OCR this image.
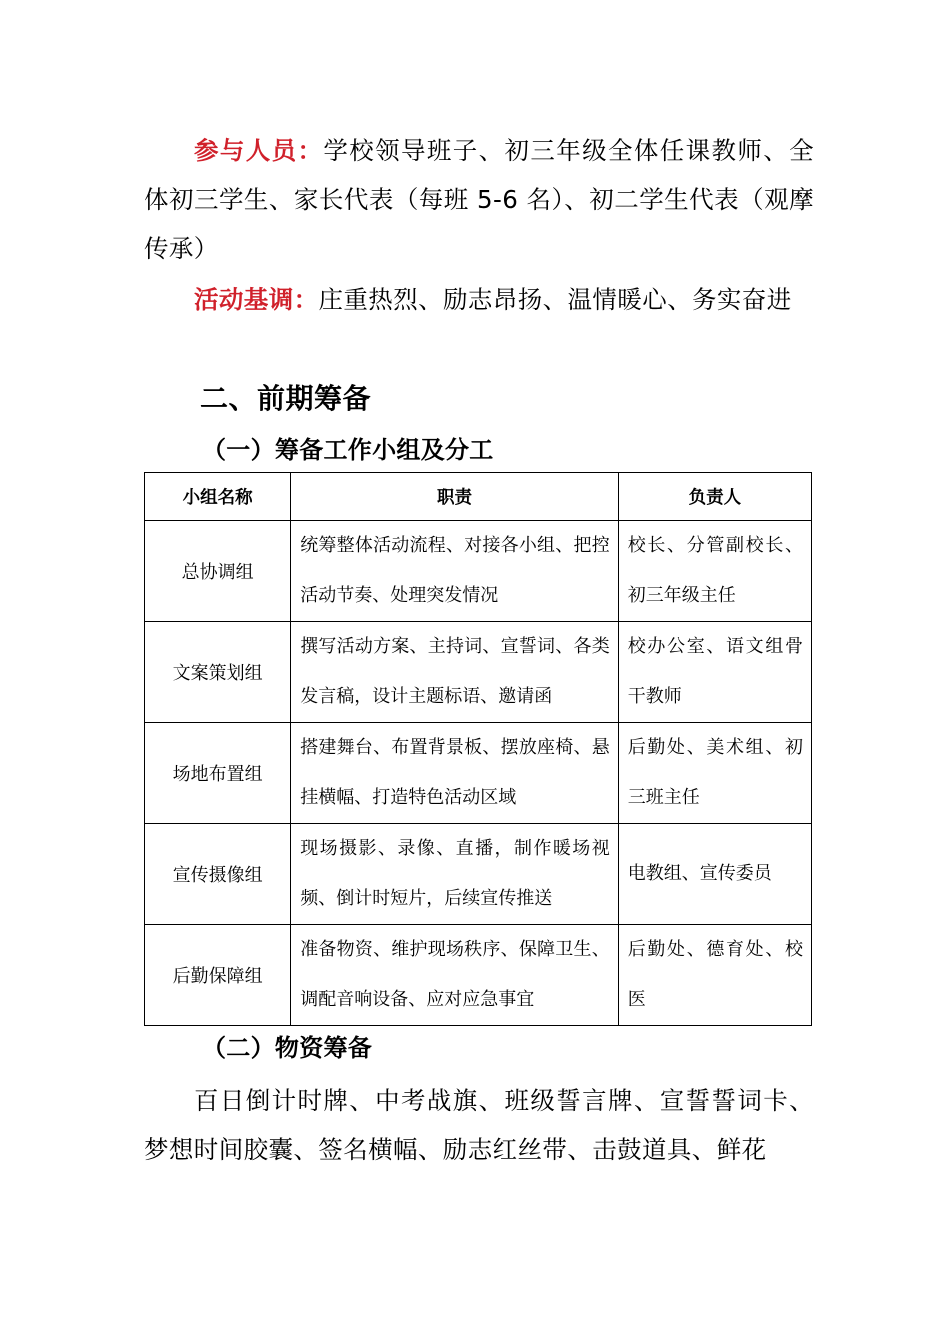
参与人员：学校领导班子、初三年级全体任课教师、全体初三学生、家长代表（每班 5-6 名）、初二学生代表（观摩传承）
活动基调：庄重热烈、励志昂扬、温情暖心、务实奋进
二、前期筹备
（一）筹备工作小组及分工
小组名称	职责	负责人
总协调组	统筹整体活动流程、对接各小组、把控活动节奏、处理突发情况	校长、分管副校长、初三年级主任
文案策划组	撰写活动方案、主持词、宣誓词、各类发言稿，设计主题标语、邀请函	校办公室、语文组骨干教师
场地布置组	搭建舞台、布置背景板、摆放座椅、悬挂横幅、打造特色活动区域	后勤处、美术组、初三班主任
宣传摄像组	现场摄影、录像、直播，制作暖场视频、倒计时短片，后续宣传推送	电教组、宣传委员
后勤保障组	准备物资、维护现场秩序、保障卫生、调配音响设备、应对应急事宜	后勤处、德育处、校医
（二）物资筹备
百日倒计时牌、中考战旗、班级誓言牌、宣誓誓词卡、梦想时间胶囊、签名横幅、励志红丝带、击鼓道具、鲜花
